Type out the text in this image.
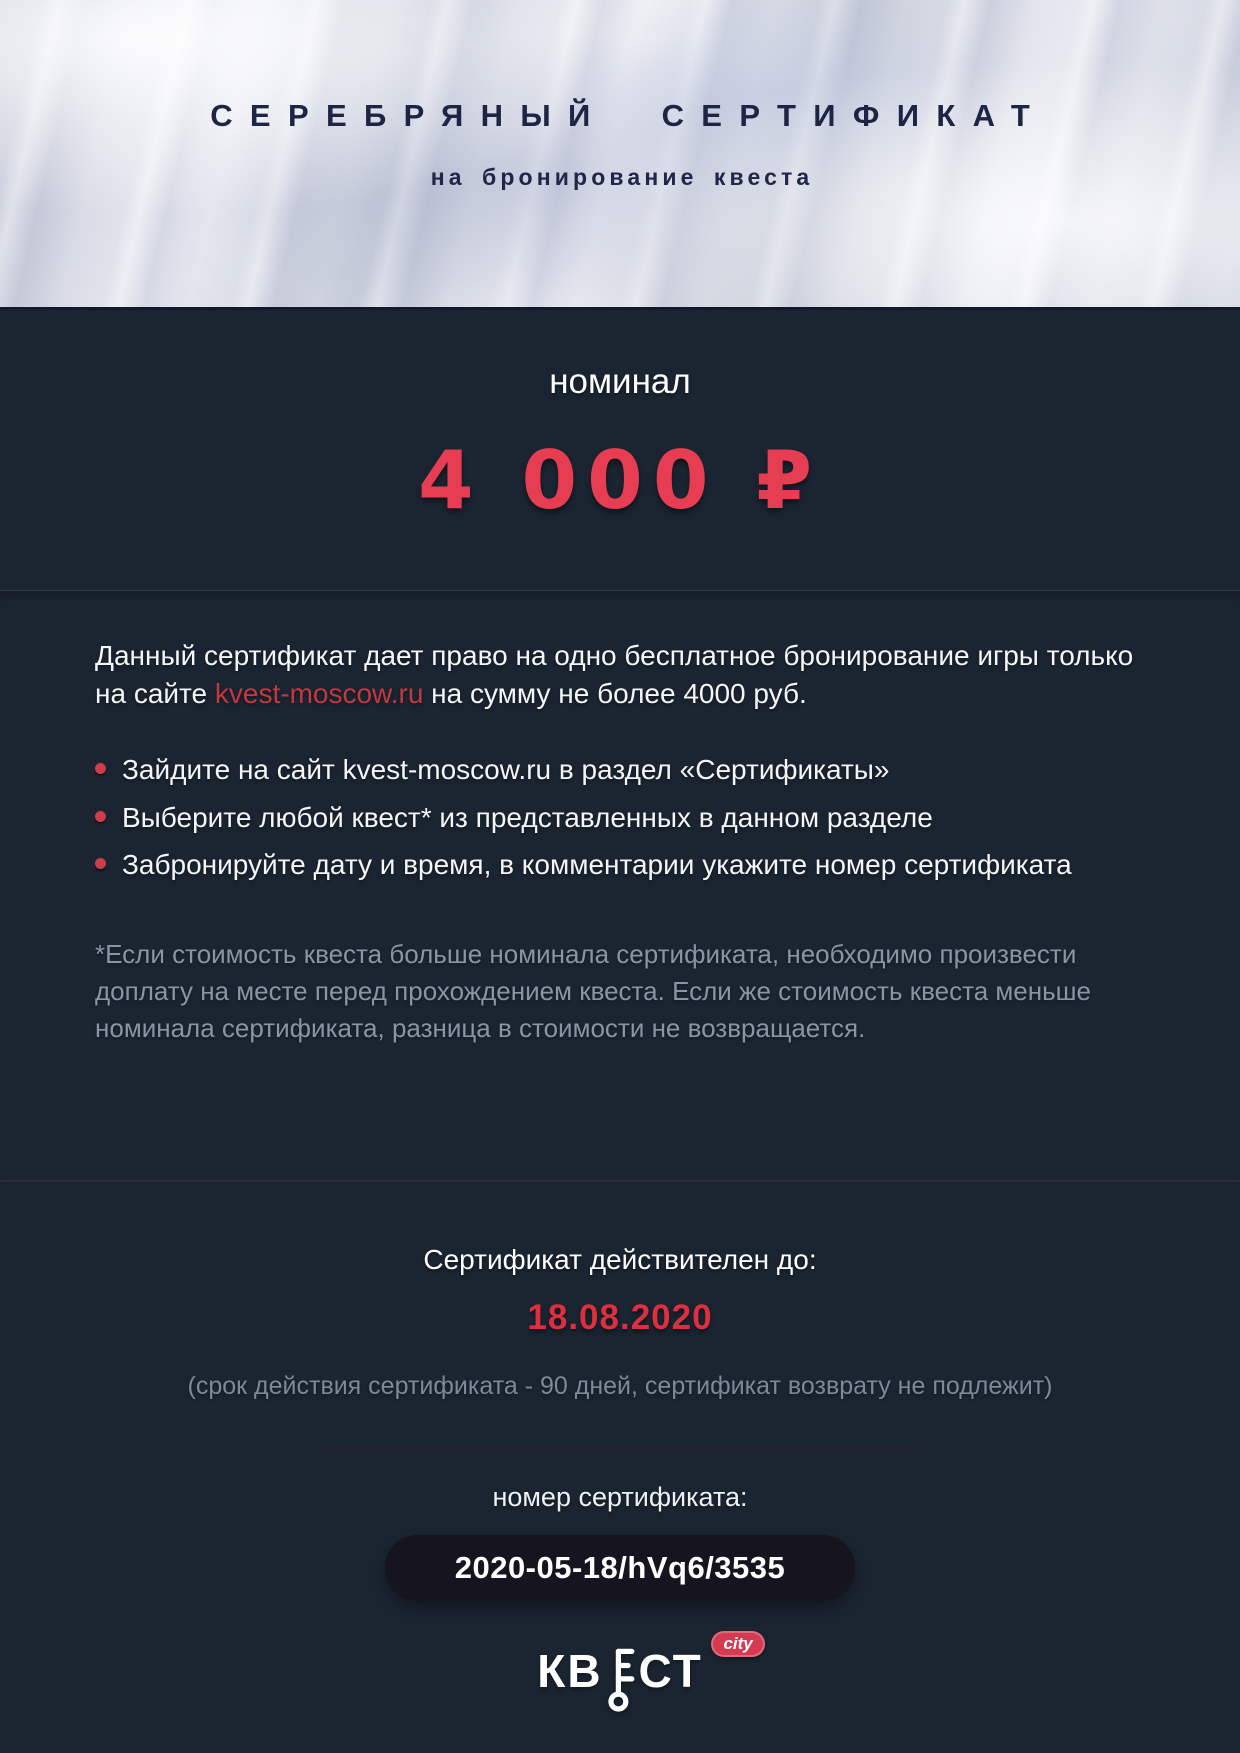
СЕРЕБРЯНЫЙ СЕРТИФИКАТ
на бронирование квеста
номинал
4 000 ₽

Данный сертификат дает право на одно бесплатное бронирование игры только на сайте kvest-moscow.ru на сумму не более 4000 руб.

Зайдите на сайт kvest-moscow.ru в раздел «Сертификаты»
Выберите любой квест* из представленных в данном разделе
Забронируйте дату и время, в комментарии укажите номер сертификата

*Если стоимость квеста больше номинала сертификата, необходимо произвести доплату на месте перед прохождением квеста. Если же стоимость квеста меньше номинала сертификата, разница в стоимости не возвращается.

Сертификат действителен до:
18.08.2020
(срок действия сертификата - 90 дней, сертификат возврату не подлежит)
номер сертификата:
2020-05-18/hVq6/3535
КВ СТ
city
